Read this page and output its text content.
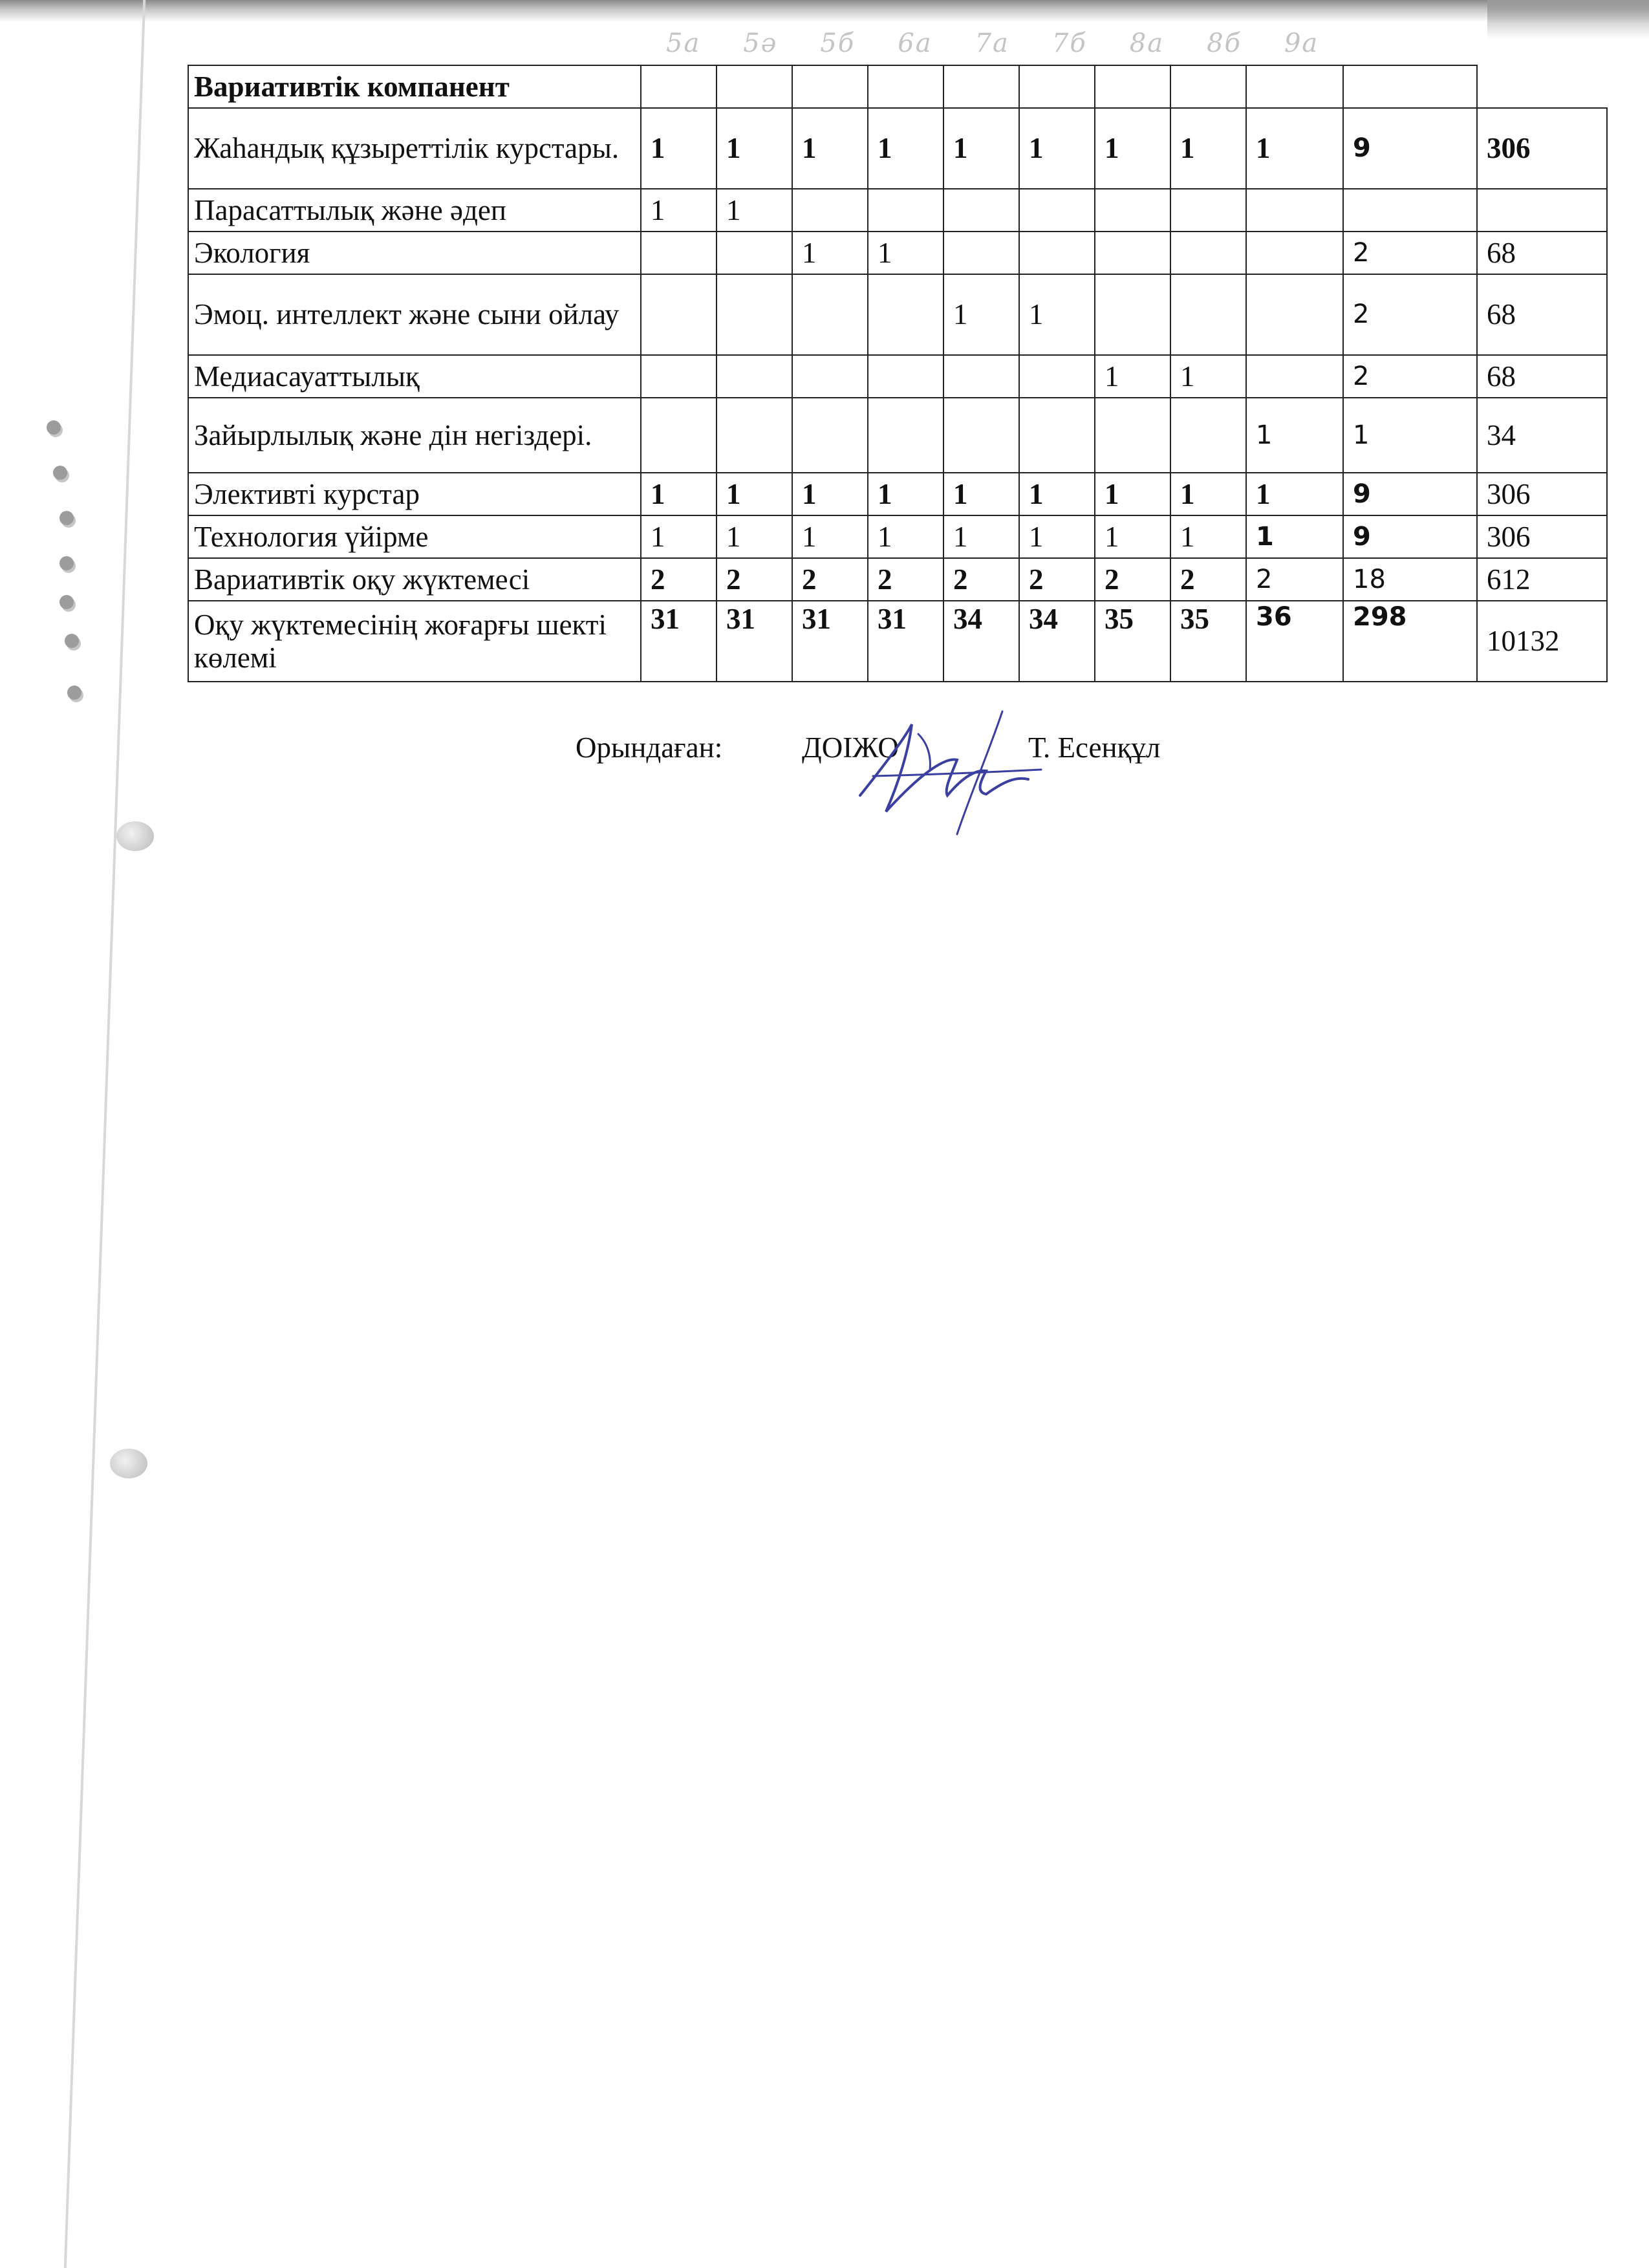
5а 5ә 5б 6а 7а 7б 8а 8б 9а
Вариативтік компанент											
Жаһандық құзыреттілік курстары.	1	1	1	1	1	1	1	1	1	9	306
Парасаттылық және әдеп	1	1									
Экология			1	1						2	68
Эмоц. интеллект және сыни ойлау					1	1				2	68
Медиасауаттылық							1	1		2	68
Зайырлылық және дін негіздері.									1	1	34
Элективті курстар	1	1	1	1	1	1	1	1	1	9	306
Технология үйірме	1	1	1	1	1	1	1	1	1	9	306
Вариативтік оқу жүктемесі	2	2	2	2	2	2	2	2	2	18	612
Оқу жүктемесінің жоғарғы шекті көлемі	31	31	31	31	34	34	35	35	36	298	10132
Орындаған:	ДОІЖО	Т. Есенқұл
